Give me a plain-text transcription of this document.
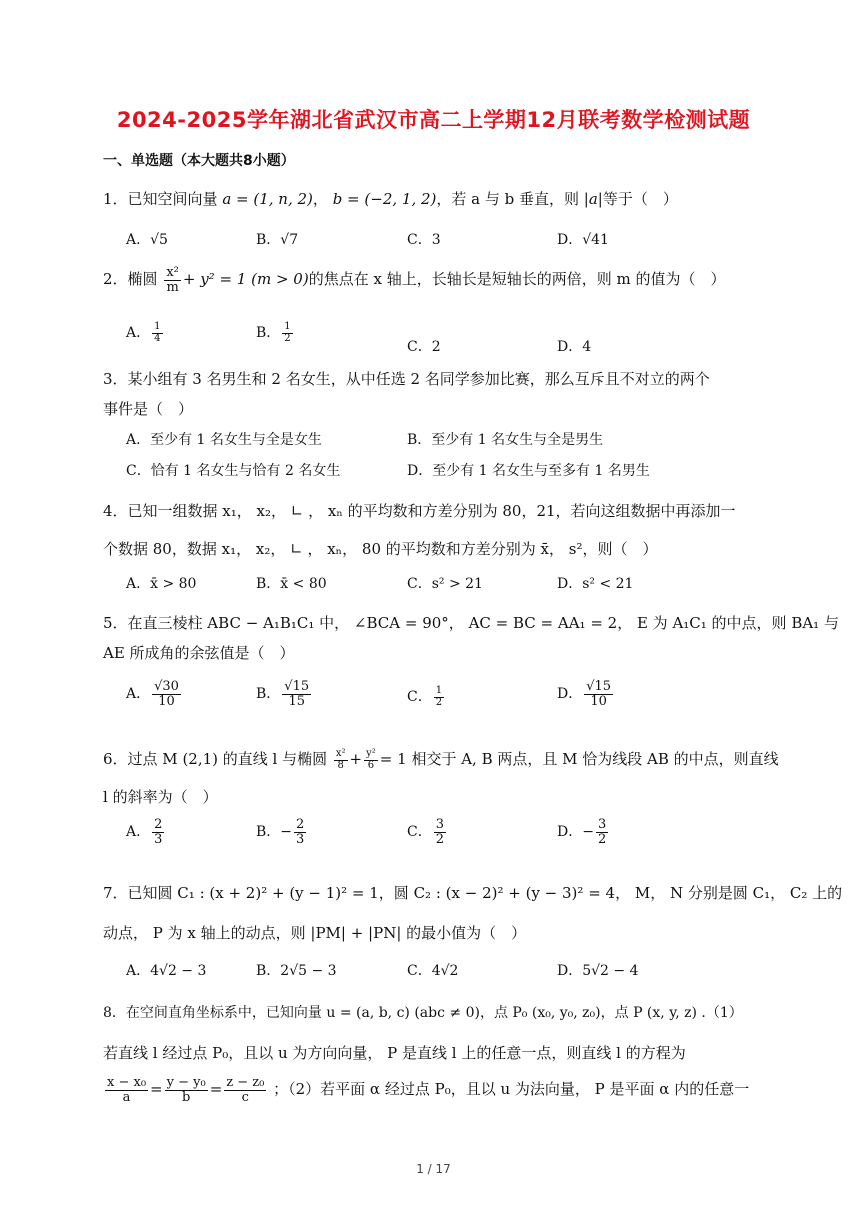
2024-2025学年湖北省武汉市高二上学期12月联考数学检测试题
一、单选题（本大题共8小题）
1．已知空间向量 a = (1, n, 2)， b = (−2, 1, 2)，若 a 与 b 垂直，则 |a|等于（　）
A．√5	B．√7	C．3	D．√41
2．椭圆 $\frac{\text{x²}}{m} + y^2 = 1$ (m > 0)的焦点在 x 轴上，长轴长是短轴长的两倍，则 m 的值为（　）
A． $\frac{1}{4}$	B． $\frac{1}{2}$
C．2	D．4
3．某小组有 3 名男生和 2 名女生，从中任选 2 名同学参加比赛，那么互斥且不对立的两个
事件是（　）
A．至少有 1 名女生与全是女生	B．至少有 1 名女生与全是男生
C．恰有 1 名女生与恰有 2 名女生	D．至少有 1 名女生与至多有 1 名男生
4．已知一组数据 x₁， x₂， ∟ ， xₙ 的平均数和方差分别为 80，21，若向这组数据中再添加一
个数据 80，数据 x₁， x₂， ∟ ， xₙ， 80 的平均数和方差分别为 x̄， s²，则（　）
A．x̄ > 80	B．x̄ < 80	C．s² > 21	D．s² < 21
5．在直三棱柱 ABC − A₁B₁C₁ 中， ∠BCA = 90°， AC = BC = AA₁ = 2， E 为 A₁C₁ 的中点，则 BA₁ 与
AE 所成角的余弦值是（　）
A． $\frac{√30}{10}$	B． $\frac{√15}{15}$	C． $\frac{1}{2}$	D． $\frac{√15}{10}$
6．过点 M (2,1) 的直线 l 与椭圆 $\frac{\text{x²}}{8} + \frac{\text{y²}}{6} = 1$ 相交于 A, B 两点，且 M 恰为线段 AB 的中点，则直线
l 的斜率为（　）
A． $\frac{2}{3}$	B．− $\frac{2}{3}$	C． $\frac{3}{2}$	D．− $\frac{3}{2}$
7．已知圆 C₁ : (x + 2)² + (y − 1)² = 1，圆 C₂ : (x − 2)² + (y − 3)² = 4， M， N 分别是圆 C₁， C₂ 上的
动点， P 为 x 轴上的动点，则 |PM| + |PN| 的最小值为（　）
A．4√2 − 3	B．2√5 − 3	C．4√2	D．5√2 − 4
8．在空间直角坐标系中，已知向量 u = (a, b, c) (abc ≠ 0)，点 P₀ (x₀, y₀, z₀)，点 P (x, y, z) .（1）
若直线 l 经过点 P₀，且以 u 为方向向量， P 是直线 l 上的任意一点，则直线 l 的方程为
$\frac{\text{x − x₀}}{a} = \frac{\text{y − y₀}}{b} = \frac{\text{z − z₀}}{c}$ ；（2）若平面 α 经过点 P₀，且以 u 为法向量， P 是平面 α 内的任意一
1 / 17
